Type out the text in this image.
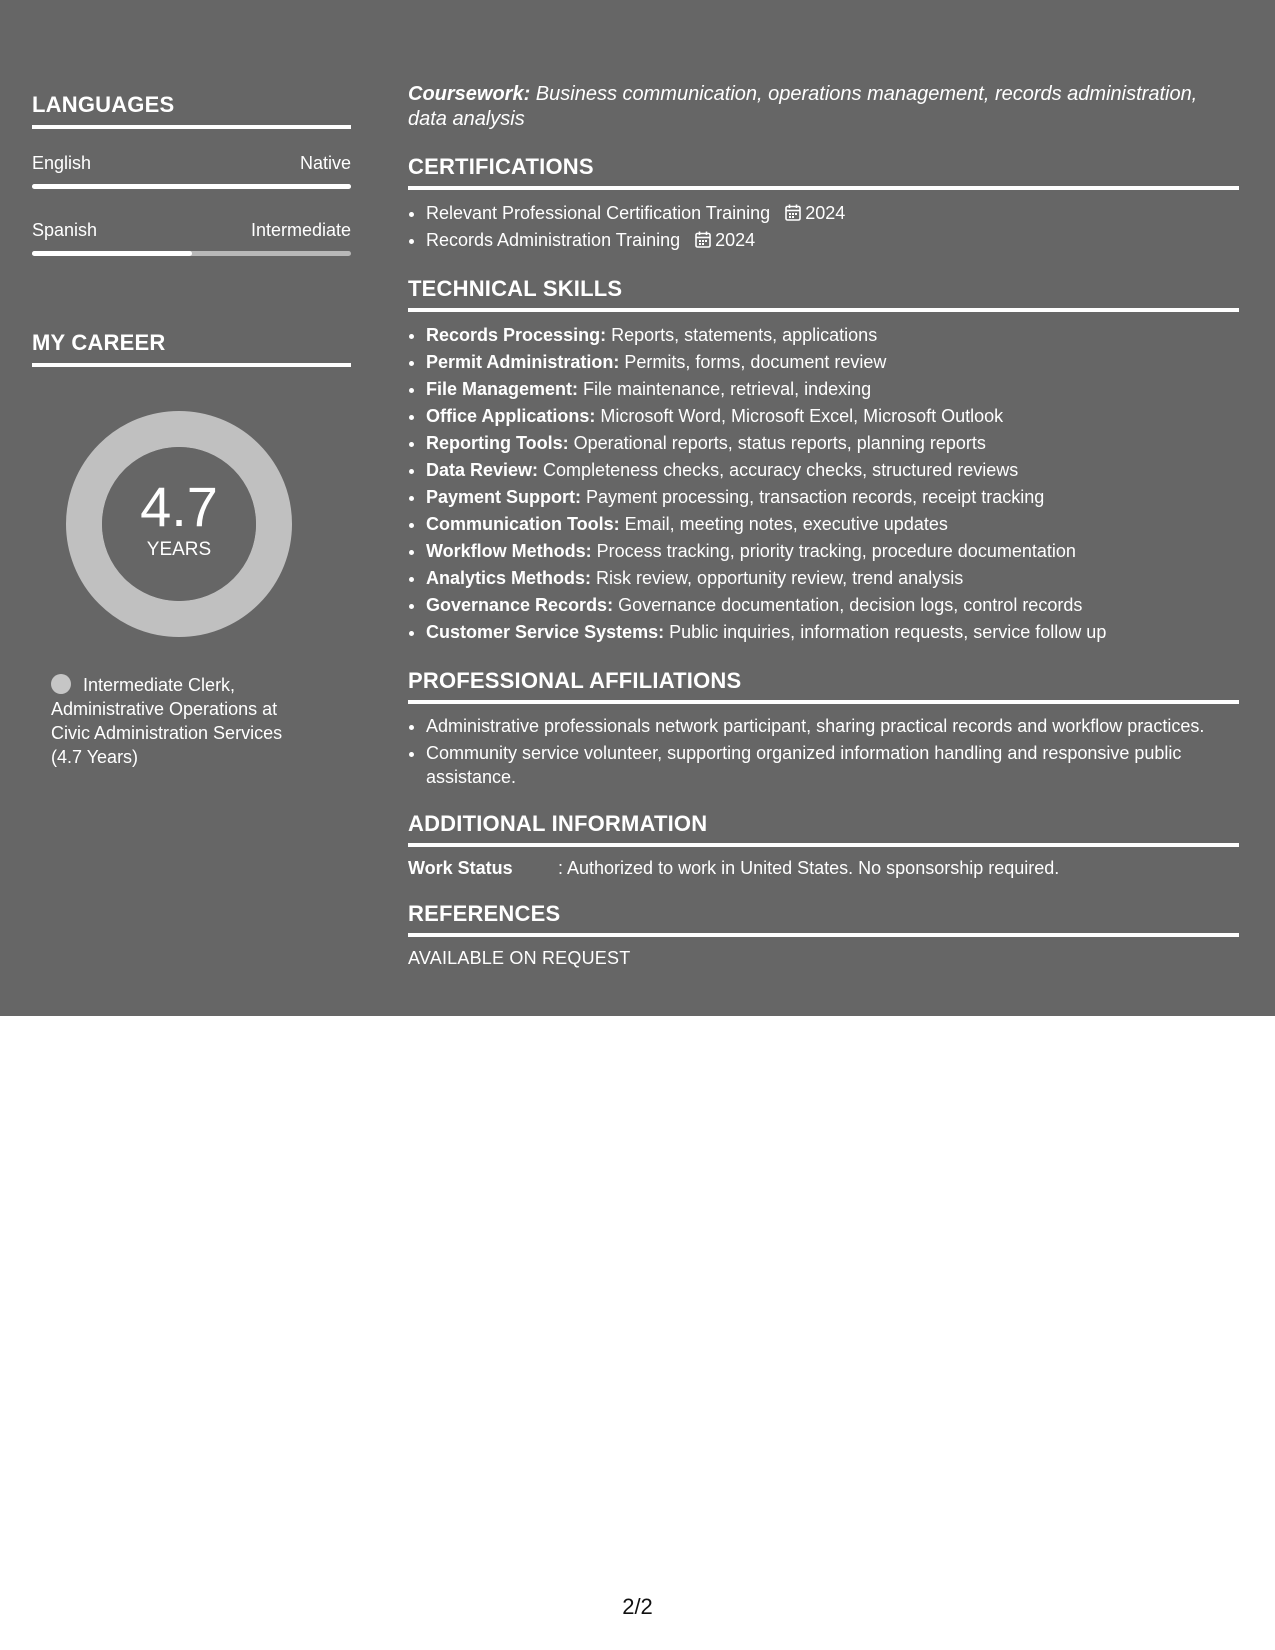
LANGUAGES
English	Native
Spanish	Intermediate
MY CAREER
4.7
YEARS
Intermediate Clerk, Administrative Operations at Civic Administration Services (4.7 Years)
Coursework: Business communication, operations management, records administration, data analysis
CERTIFICATIONS
• Relevant Professional Certification Training 2024
• Records Administration Training 2024
TECHNICAL SKILLS
• Records Processing: Reports, statements, applications
• Permit Administration: Permits, forms, document review
• File Management: File maintenance, retrieval, indexing
• Office Applications: Microsoft Word, Microsoft Excel, Microsoft Outlook
• Reporting Tools: Operational reports, status reports, planning reports
• Data Review: Completeness checks, accuracy checks, structured reviews
• Payment Support: Payment processing, transaction records, receipt tracking
• Communication Tools: Email, meeting notes, executive updates
• Workflow Methods: Process tracking, priority tracking, procedure documentation
• Analytics Methods: Risk review, opportunity review, trend analysis
• Governance Records: Governance documentation, decision logs, control records
• Customer Service Systems: Public inquiries, information requests, service follow up
PROFESSIONAL AFFILIATIONS
• Administrative professionals network participant, sharing practical records and workflow practices.
• Community service volunteer, supporting organized information handling and responsive public assistance.
ADDITIONAL INFORMATION
Work Status	: Authorized to work in United States. No sponsorship required.
REFERENCES
AVAILABLE ON REQUEST
2/2
